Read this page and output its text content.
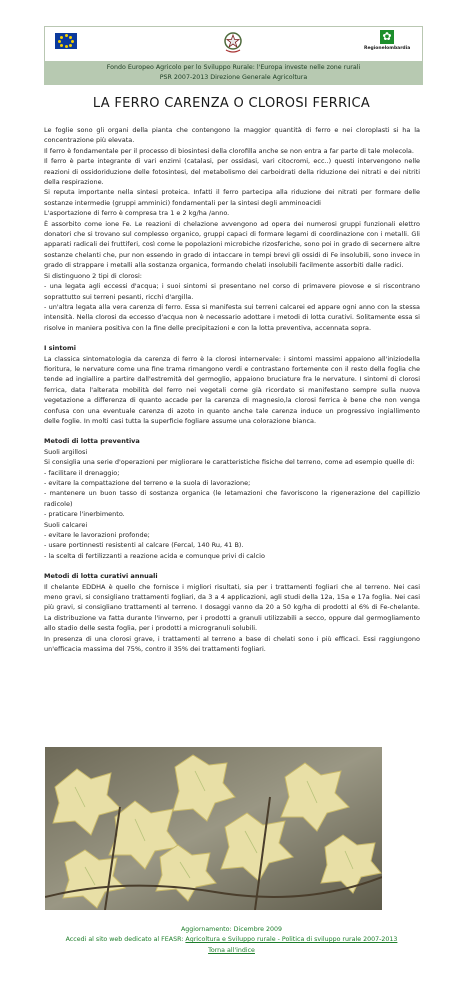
✿
Regionelombardia
Fondo Europeo Agricolo per lo Sviluppo Rurale: l'Europa investe nelle zone rurali
PSR 2007-2013 Direzione Generale Agricoltura
LA FERRO CARENZA O CLOROSI FERRICA

Le foglie sono gli organi della pianta che contengono la maggior quantità di ferro e nei cloroplasti si ha la concentrazione più elevata.

Il ferro è fondamentale per il processo di biosintesi della clorofilla anche se non entra a far parte di tale molecola.

Il ferro è parte integrante di vari enzimi (catalasi, per ossidasi, vari citocromi, ecc..) questi intervengono nelle reazioni di ossidoriduzione delle fotosintesi, del metabolismo dei carboidrati della riduzione dei nitrati e dei nitriti della respirazione.

Si reputa importante nella sintesi proteica. Infatti il ferro partecipa alla riduzione dei nitrati per formare delle sostanze intermedie (gruppi amminici) fondamentali per la sintesi degli amminoacidi

L'asportazione di ferro è compresa tra 1 e 2 kg/ha /anno.

È assorbito come ione Fe. Le reazioni di chelazione avvengono ad opera dei numerosi gruppi funzionali elettro donatori che si trovano sul complesso organico, gruppi capaci di formare legami di coordinazione con i metalli. Gli apparati radicali dei fruttiferi, così come le popolazioni microbiche rizosferiche, sono poi in grado di secernere altre sostanze chelanti che, pur non essendo in grado di intaccare in tempi brevi gli ossidi di Fe insolubili, sono invece in grado di strappare i metalli alla sostanza organica, formando chelati insolubili facilmente assorbiti dalle radici.

Si distinguono 2 tipi di clorosi:

- una legata agli eccessi d'acqua; i suoi sintomi si presentano nel corso di primavere piovose e si riscontrano soprattutto sui terreni pesanti, ricchi d'argilla.

- un'altra legata alla vera carenza di ferro. Essa si manifesta sui terreni calcarei ed appare ogni anno con la stessa intensità. Nella clorosi da eccesso d'acqua non è necessario adottare i metodi di lotta curativi. Solitamente essa si risolve in maniera positiva con la fine delle precipitazioni e con la lotta preventiva, accennata sopra.

I sintomi

La classica sintomatologia da carenza di ferro è la clorosi internervale: i sintomi massimi appaiono all'iniziodella fioritura, le nervature come una fine trama rimangono verdi e contrastano fortemente con il resto della foglia che tende ad ingiallire a partire dall'estremità del germoglio, appaiono bruciature fra le nervature. I sintomi di clorosi ferrica, data l'alterata mobilità del ferro nei vegetali come già ricordato si manifestano sempre sulla nuova vegetazione a differenza di quanto accade per la carenza di magnesio,la clorosi ferrica è bene che non venga confusa con una eventuale carenza di azoto in quanto anche tale carenza induce un progressivo ingiallimento delle foglie. In molti casi tutta la superficie fogliare assume una colorazione bianca.

Metodi di lotta preventiva

Suoli argillosi

Si consiglia una serie d'operazioni per migliorare le caratteristiche fisiche del terreno, come ad esempio quelle di:

- facilitare il drenaggio;

- evitare la compattazione del terreno e la suola di lavorazione;

- mantenere un buon tasso di sostanza organica (le letamazioni che favoriscono la rigenerazione del capillizio radicole)

- praticare l'inerbimento.

Suoli calcarei

- evitare le lavorazioni profonde;

- usare portinnesti resistenti al calcare (Fercal, 140 Ru, 41 B).

- la scelta di fertilizzanti a reazione acida e comunque privi di calcio

Metodi di lotta curativi annuali

Il chelante EDDHA è quello che fornisce i migliori risultati, sia per i trattamenti fogliari che al terreno. Nei casi meno gravi, si consigliano trattamenti fogliari, da 3 a 4 applicazioni, agli studi della 12a, 15a e 17a foglia. Nei casi più gravi, si consigliano trattamenti al terreno. I dosaggi vanno da 20 a 50 kg/ha di prodotti al 6% di Fe-chelante. La distribuzione va fatta durante l'inverno, per i prodotti a granuli utilizzabili a secco, oppure dal germogliamento allo stadio delle sesta foglia, per i prodotti a microgranuli solubili.

In presenza di una clorosi grave, i trattamenti al terreno a base di chelati sono i più efficaci. Essi raggiungono un'efficacia massima del 75%, contro il 35% dei trattamenti fogliari.

Aggiornamento: Dicembre 2009
Accedi al sito web dedicato al FEASR: Agricoltura e Sviluppo rurale - Politica di sviluppo rurale 2007-2013
Torna all'indice
